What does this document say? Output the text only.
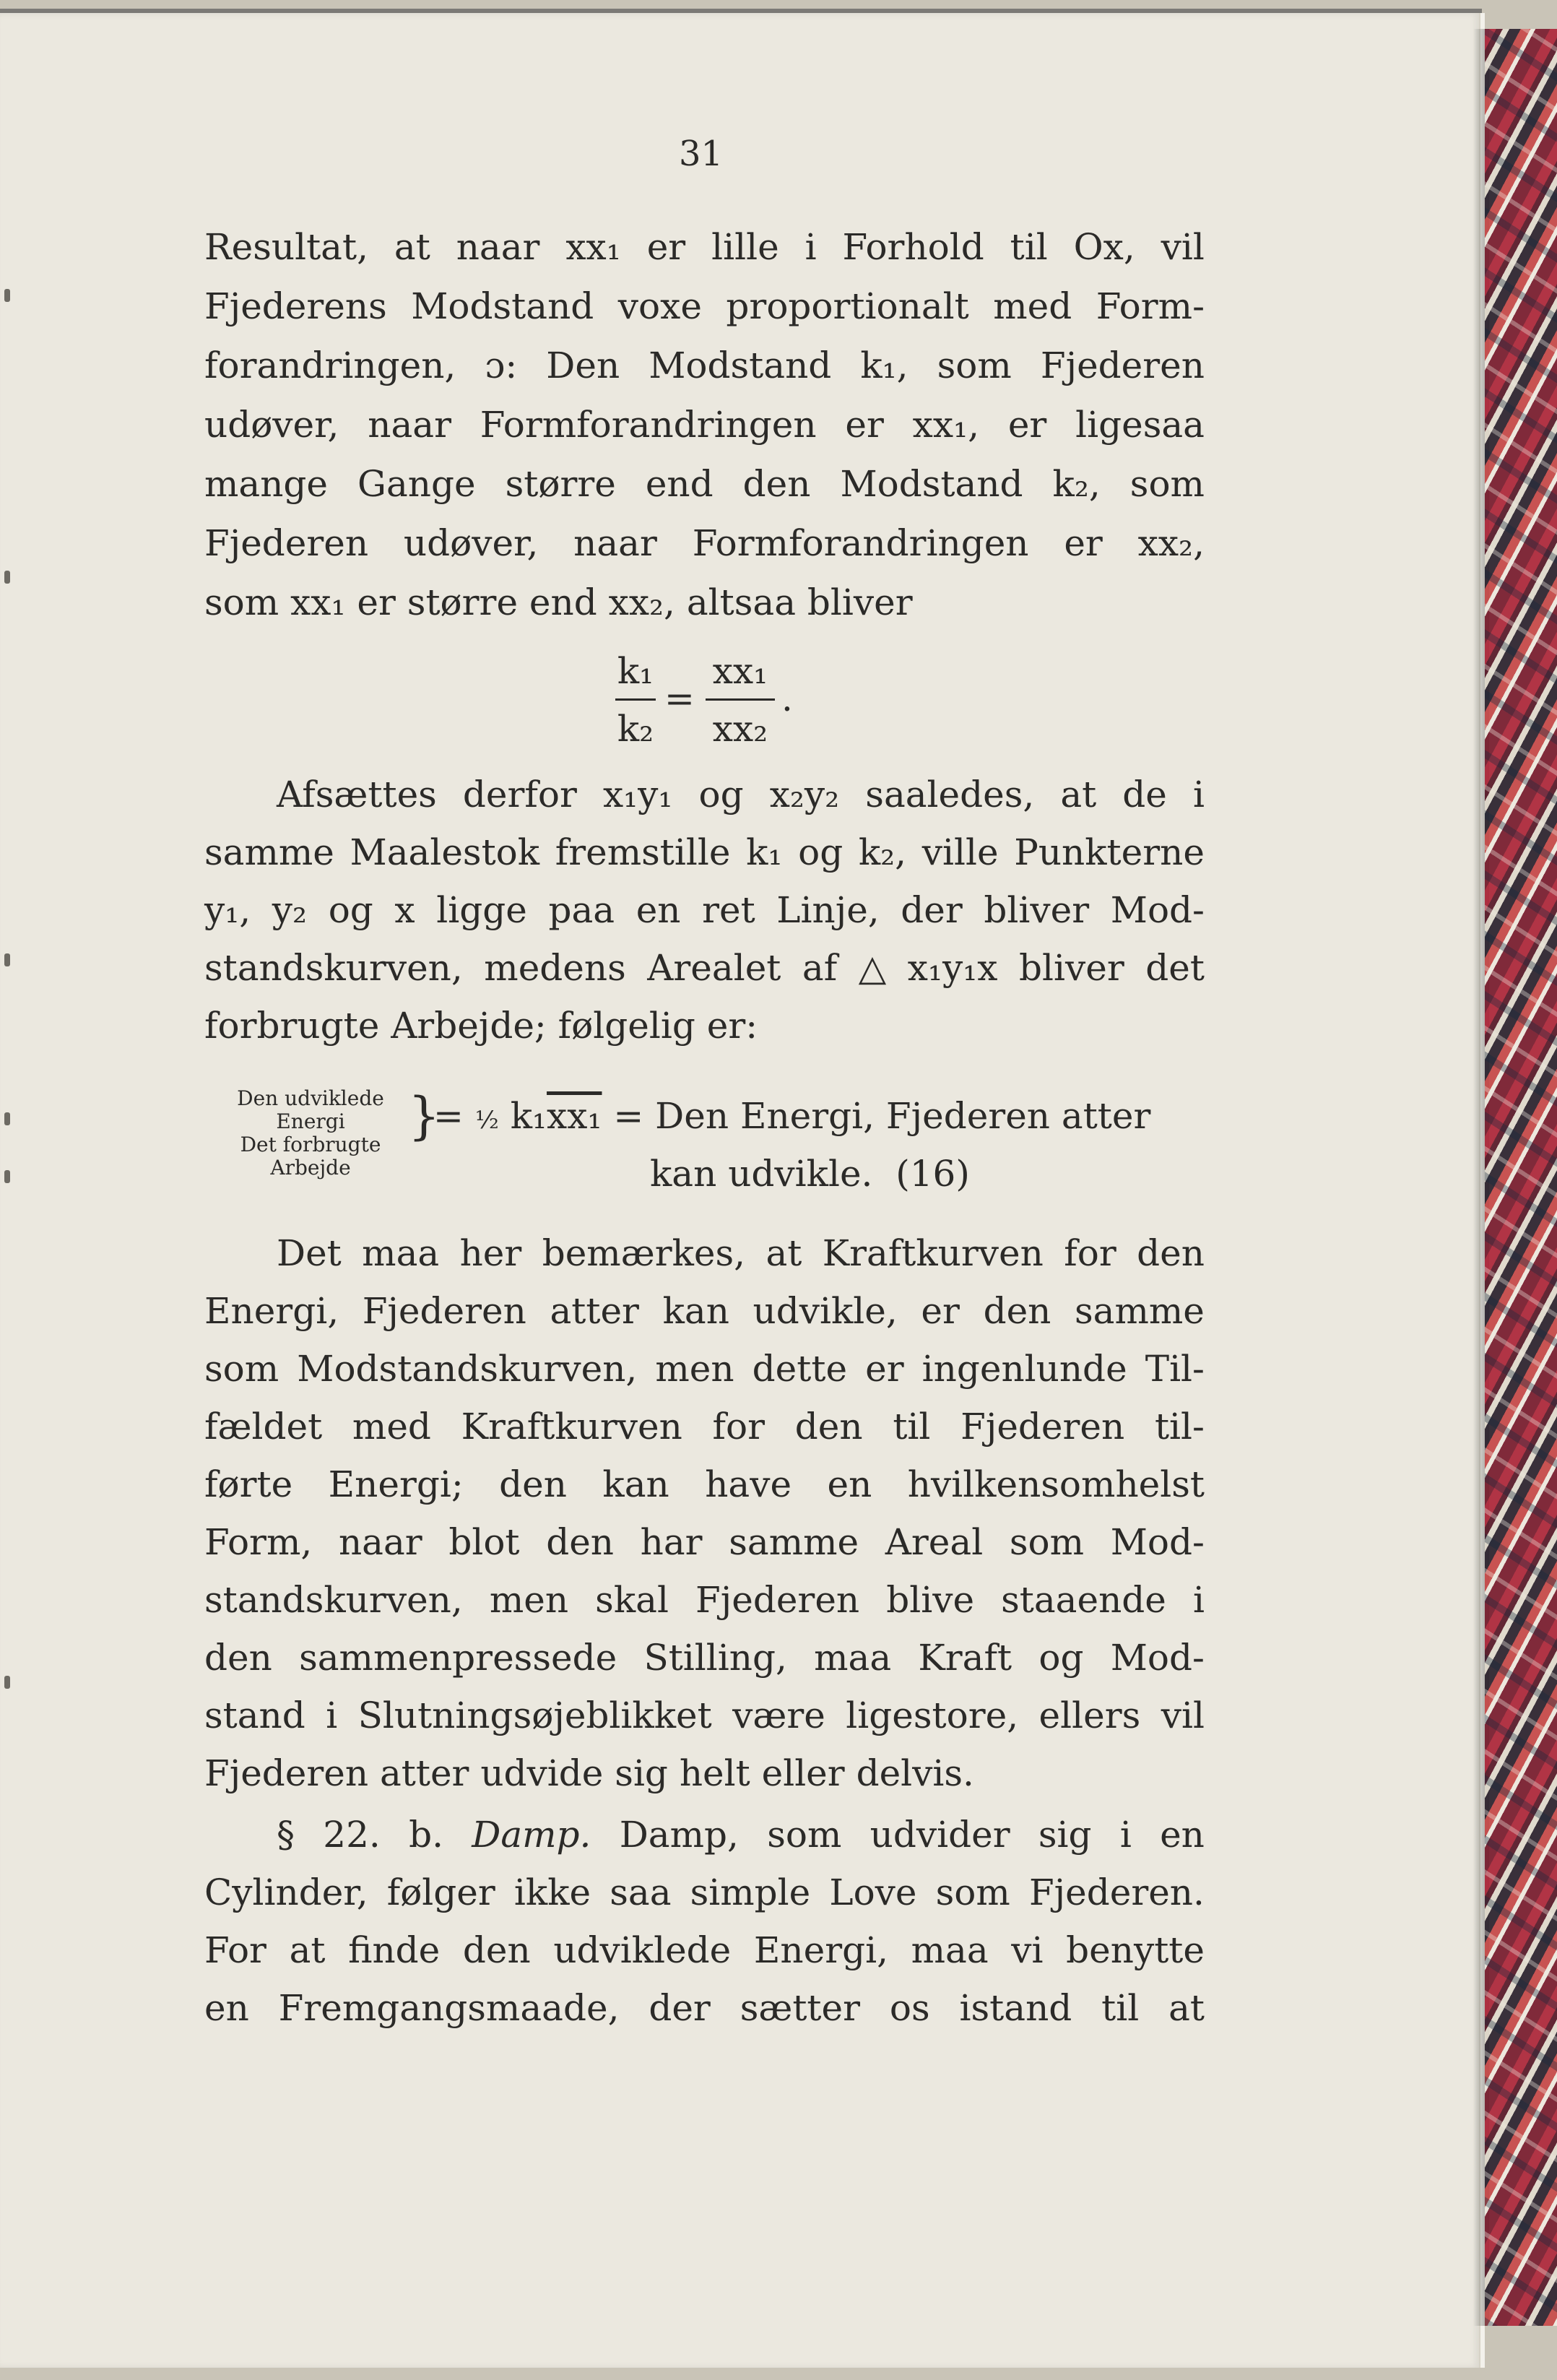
31
Resultat, at naar xx₁ er lille i Forhold til Ox, vil
Fjederens Modstand voxe proportionalt med Form-
forandringen, ɔ: Den Modstand k₁, som Fjederen
udøver, naar Formforandringen er xx₁, er ligesaa
mange Gange større end den Modstand k₂, som
Fjederen udøver, naar Formforandringen er xx₂,
som xx₁ er større end xx₂, altsaa bliver
k₁
k₂
=
xx₁
xx₂
.
Afsættes derfor x₁y₁ og x₂y₂ saaledes, at de i
samme Maalestok fremstille k₁ og k₂, ville Punkterne
y₁, y₂ og x ligge paa en ret Linje, der bliver Mod-
standskurven, medens Arealet af △ x₁y₁x bliver det
forbrugte Arbejde; følgelig er:
Den udviklede
Energi
Det forbrugte
Arbejde
}
= ½ k₁xx₁ = Den Energi, Fjederen atter
kan udvikle.  (16)
Det maa her bemærkes, at Kraftkurven for den
Energi, Fjederen atter kan udvikle, er den samme
som Modstandskurven, men dette er ingenlunde Til-
fældet med Kraftkurven for den til Fjederen til-
førte Energi; den kan have en hvilkensomhelst
Form, naar blot den har samme Areal som Mod-
standskurven, men skal Fjederen blive staaende i
den sammenpressede Stilling, maa Kraft og Mod-
stand i Slutningsøjeblikket være ligestore, ellers vil
Fjederen atter udvide sig helt eller delvis.
§ 22. b. Damp. Damp, som udvider sig i en
Cylinder, følger ikke saa simple Love som Fjederen.
For at finde den udviklede Energi, maa vi benytte
en Fremgangsmaade, der sætter os istand til at
